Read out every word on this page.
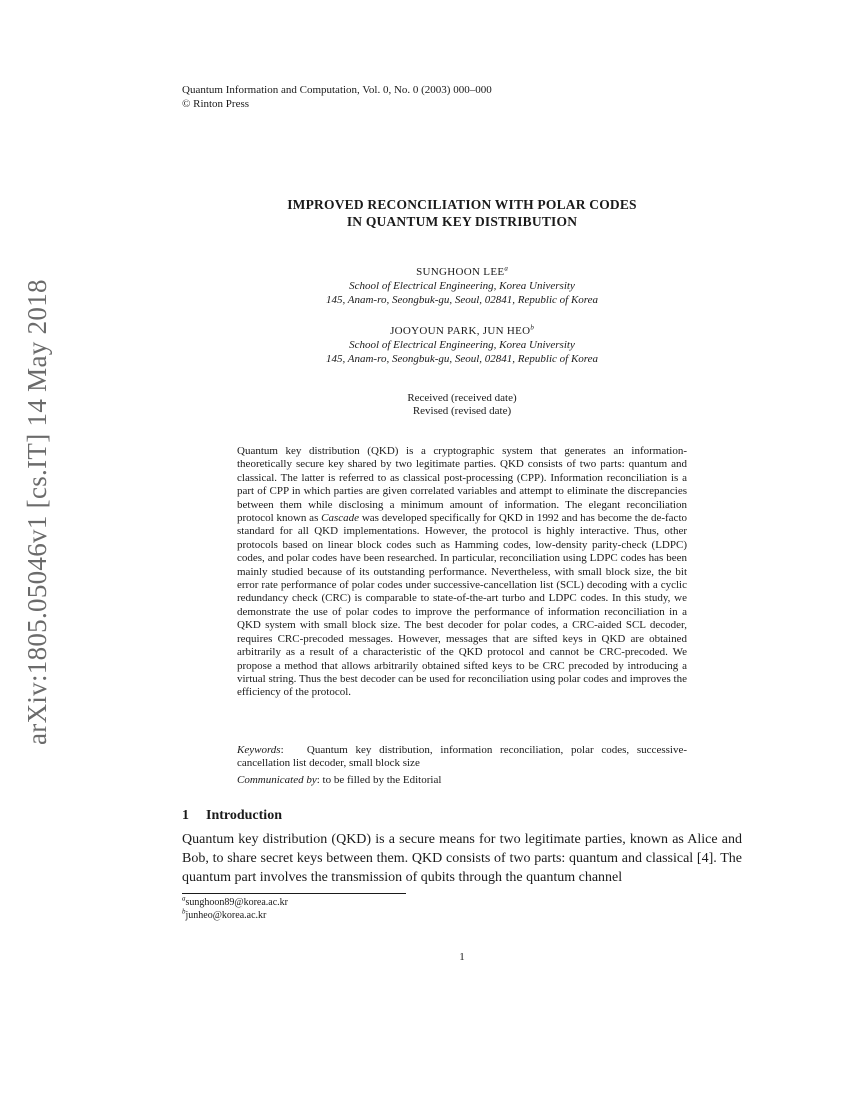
Quantum Information and Computation, Vol. 0, No. 0 (2003) 000–000
© Rinton Press
arXiv:1805.05046v1 [cs.IT] 14 May 2018
IMPROVED RECONCILIATION WITH POLAR CODES
IN QUANTUM KEY DISTRIBUTION
SUNGHOON LEE$^a$
School of Electrical Engineering, Korea University
145, Anam-ro, Seongbuk-gu, Seoul, 02841, Republic of Korea
JOOYOUN PARK, JUN HEO$^b$
School of Electrical Engineering, Korea University
145, Anam-ro, Seongbuk-gu, Seoul, 02841, Republic of Korea
Received (received date)
Revised (revised date)
Quantum key distribution (QKD) is a cryptographic system that generates an information-theoretically secure key shared by two legitimate parties. QKD consists of two parts: quantum and classical. The latter is referred to as classical post-processing (CPP). Information reconciliation is a part of CPP in which parties are given correlated variables and attempt to eliminate the discrepancies between them while disclosing a minimum amount of information. The elegant reconciliation protocol known as Cascade was developed specifically for QKD in 1992 and has become the de-facto standard for all QKD implementations. However, the protocol is highly interactive. Thus, other protocols based on linear block codes such as Hamming codes, low-density parity-check (LDPC) codes, and polar codes have been researched. In particular, reconciliation using LDPC codes has been mainly studied because of its outstanding performance. Nevertheless, with small block size, the bit error rate performance of polar codes under successive-cancellation list (SCL) decoding with a cyclic redundancy check (CRC) is comparable to state-of-the-art turbo and LDPC codes. In this study, we demonstrate the use of polar codes to improve the performance of information reconciliation in a QKD system with small block size. The best decoder for polar codes, a CRC-aided SCL decoder, requires CRC-precoded messages. However, messages that are sifted keys in QKD are obtained arbitrarily as a result of a characteristic of the QKD protocol and cannot be CRC-precoded. We propose a method that allows arbitrarily obtained sifted keys to be CRC precoded by introducing a virtual string. Thus the best decoder can be used for reconciliation using polar codes and improves the efficiency of the protocol.
Keywords:   Quantum key distribution, information reconciliation, polar codes, successive-cancellation list decoder, small block size
Communicated by: to be filled by the Editorial
1 Introduction
Quantum key distribution (QKD) is a secure means for two legitimate parties, known as Alice and Bob, to share secret keys between them. QKD consists of two parts: quantum and classical [4]. The quantum part involves the transmission of qubits through the quantum channel
$^a$sunghoon89@korea.ac.kr
$^b$junheo@korea.ac.kr
1
